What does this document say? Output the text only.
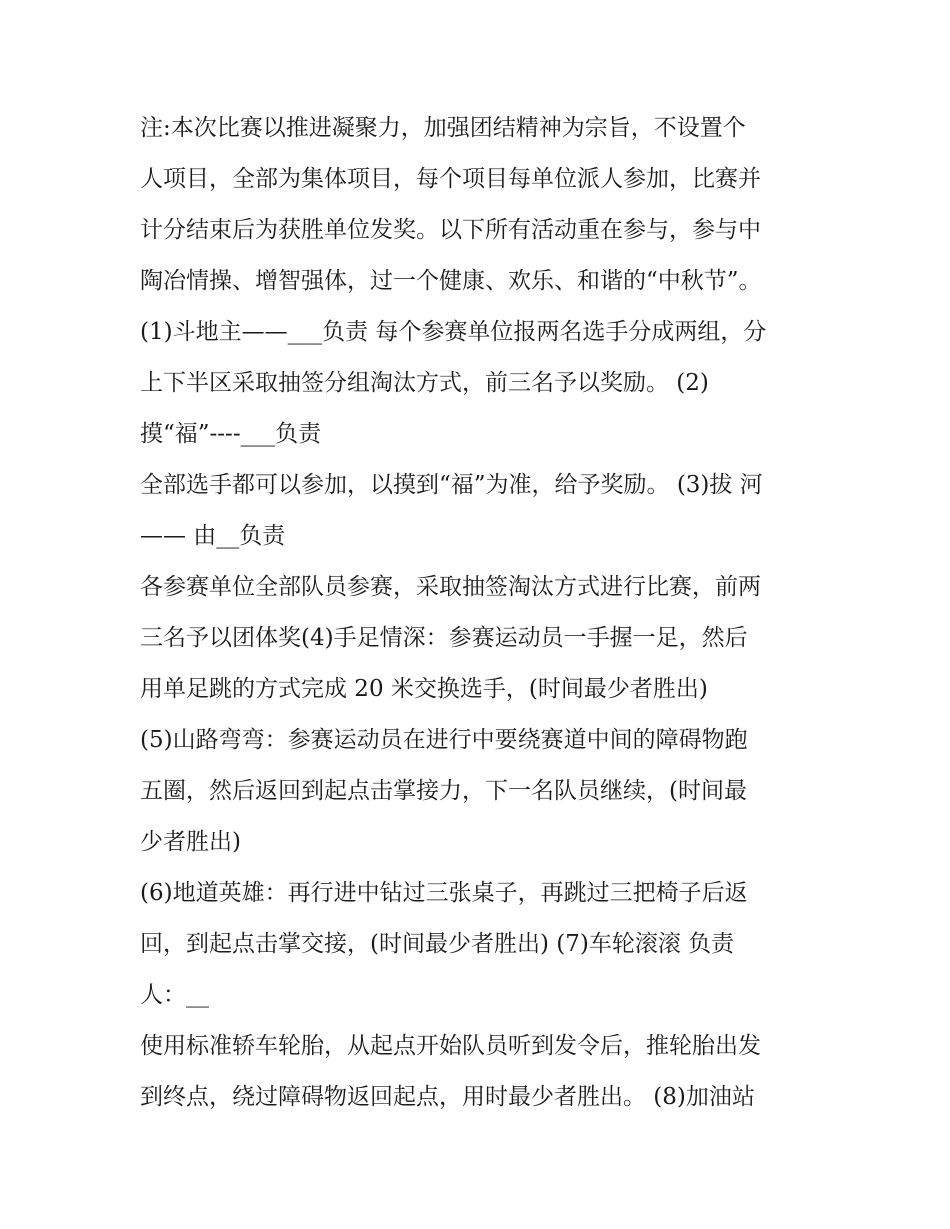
注:本次比赛以推进凝聚力，加强团结精神为宗旨，不设置个
人项目，全部为集体项目，每个项目每单位派人参加，比赛并
计分结束后为获胜单位发奖。以下所有活动重在参与，参与中
陶冶情操、增智强体，过一个健康、欢乐、和谐的“中秋节”。
(1)斗地主——___负责 每个参赛单位报两名选手分成两组，分
上下半区采取抽签分组淘汰方式，前三名予以奖励。 (2)
摸“福”----___负责
全部选手都可以参加，以摸到“福”为准，给予奖励。 (3)拔 河
—— 由__负责
各参赛单位全部队员参赛，采取抽签淘汰方式进行比赛，前两
三名予以团体奖(4)手足情深：参赛运动员一手握一足，然后
用单足跳的方式完成 20 米交换选手，(时间最少者胜出)
(5)山路弯弯：参赛运动员在进行中要绕赛道中间的障碍物跑
五圈，然后返回到起点击掌接力，下一名队员继续，(时间最
少者胜出)
(6)地道英雄：再行进中钻过三张桌子，再跳过三把椅子后返
回，到起点击掌交接，(时间最少者胜出) (7)车轮滚滚 负责
人：__
使用标准轿车轮胎，从起点开始队员听到发令后，推轮胎出发
到终点，绕过障碍物返回起点，用时最少者胜出。 (8)加油站
